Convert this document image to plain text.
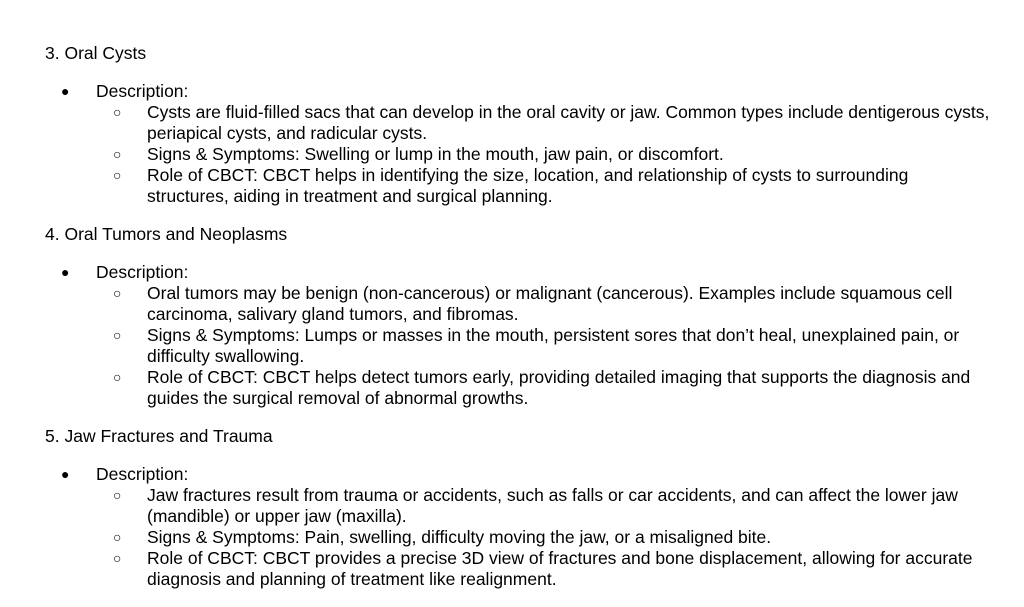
3. Oral Cysts
● Description:
○ Cysts are fluid-filled sacs that can develop in the oral cavity or jaw. Common types include dentigerous cysts, periapical cysts, and radicular cysts.
○ Signs & Symptoms: Swelling or lump in the mouth, jaw pain, or discomfort.
○ Role of CBCT: CBCT helps in identifying the size, location, and relationship of cysts to surrounding structures, aiding in treatment and surgical planning.
4. Oral Tumors and Neoplasms
● Description:
○ Oral tumors may be benign (non-cancerous) or malignant (cancerous). Examples include squamous cell carcinoma, salivary gland tumors, and fibromas.
○ Signs & Symptoms: Lumps or masses in the mouth, persistent sores that don’t heal, unexplained pain, or difficulty swallowing.
○ Role of CBCT: CBCT helps detect tumors early, providing detailed imaging that supports the diagnosis and guides the surgical removal of abnormal growths.
5. Jaw Fractures and Trauma
● Description:
○ Jaw fractures result from trauma or accidents, such as falls or car accidents, and can affect the lower jaw (mandible) or upper jaw (maxilla).
○ Signs & Symptoms: Pain, swelling, difficulty moving the jaw, or a misaligned bite.
○ Role of CBCT: CBCT provides a precise 3D view of fractures and bone displacement, allowing for accurate diagnosis and planning of treatment like realignment.
